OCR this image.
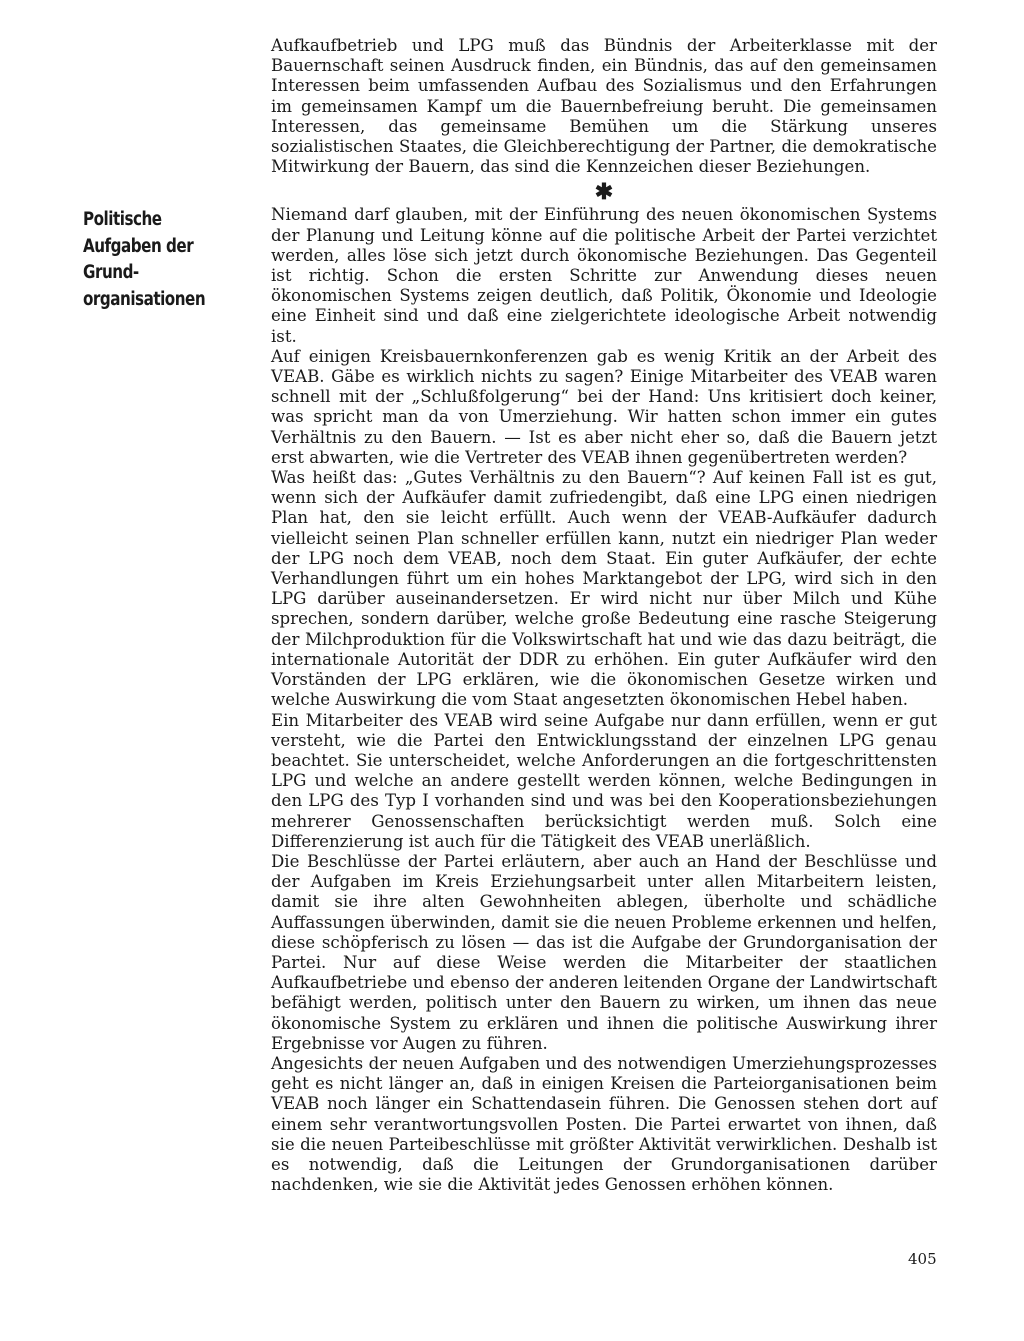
Politische
Aufgaben der
Grund-
organisationen

Aufkaufbetrieb und LPG muß das Bündnis der Arbeiterklasse mit der Bauernschaft seinen Ausdruck finden, ein Bündnis, das auf den gemeinsamen Interessen beim umfassenden Aufbau des Sozialismus und den Erfahrungen im gemeinsamen Kampf um die Bauernbefreiung beruht. Die gemeinsamen Interessen, das gemeinsame Bemühen um die Stärkung unseres sozialistischen Staates, die Gleichberechtigung der Partner, die demokratische Mitwirkung der Bauern, das sind die Kennzeichen dieser Beziehungen.

✱

Niemand darf glauben, mit der Einführung des neuen ökonomischen Systems der Planung und Leitung könne auf die politische Arbeit der Partei verzichtet werden, alles löse sich jetzt durch ökonomische Beziehungen. Das Gegenteil ist richtig. Schon die ersten Schritte zur Anwendung dieses neuen ökonomischen Systems zeigen deutlich, daß Politik, Ökonomie und Ideologie eine Einheit sind und daß eine zielgerichtete ideologische Arbeit notwendig ist.

Auf einigen Kreisbauernkonferenzen gab es wenig Kritik an der Arbeit des VEAB. Gäbe es wirklich nichts zu sagen? Einige Mitarbeiter des VEAB waren schnell mit der „Schlußfolgerung“ bei der Hand: Uns kritisiert doch keiner, was spricht man da von Umerziehung. Wir hatten schon immer ein gutes Verhältnis zu den Bauern. — Ist es aber nicht eher so, daß die Bauern jetzt erst abwarten, wie die Vertreter des VEAB ihnen gegenübertreten werden?

Was heißt das: „Gutes Verhältnis zu den Bauern“? Auf keinen Fall ist es gut, wenn sich der Aufkäufer damit zufriedengibt, daß eine LPG einen niedrigen Plan hat, den sie leicht erfüllt. Auch wenn der VEAB-Aufkäufer dadurch vielleicht seinen Plan schneller erfüllen kann, nutzt ein niedriger Plan weder der LPG noch dem VEAB, noch dem Staat. Ein guter Aufkäufer, der echte Verhandlungen führt um ein hohes Marktangebot der LPG, wird sich in den LPG darüber auseinandersetzen. Er wird nicht nur über Milch und Kühe sprechen, sondern darüber, welche große Bedeutung eine rasche Steigerung der Milchproduktion für die Volkswirtschaft hat und wie das dazu beiträgt, die internationale Autorität der DDR zu erhöhen. Ein guter Aufkäufer wird den Vorständen der LPG erklären, wie die ökonomischen Gesetze wirken und welche Auswirkung die vom Staat angesetzten ökonomischen Hebel haben.

Ein Mitarbeiter des VEAB wird seine Aufgabe nur dann erfüllen, wenn er gut versteht, wie die Partei den Entwicklungsstand der einzelnen LPG genau beachtet. Sie unterscheidet, welche Anforderungen an die fortgeschrittensten LPG und welche an andere gestellt werden können, welche Bedingungen in den LPG des Typ I vorhanden sind und was bei den Kooperationsbeziehungen mehrerer Genossenschaften berücksichtigt werden muß. Solch eine Differenzierung ist auch für die Tätigkeit des VEAB unerläßlich.

Die Beschlüsse der Partei erläutern, aber auch an Hand der Beschlüsse und der Aufgaben im Kreis Erziehungsarbeit unter allen Mitarbeitern leisten, damit sie ihre alten Gewohnheiten ablegen, überholte und schädliche Auffassungen überwinden, damit sie die neuen Probleme erkennen und helfen, diese schöpferisch zu lösen — das ist die Aufgabe der Grundorganisation der Partei. Nur auf diese Weise werden die Mitarbeiter der staatlichen Aufkaufbetriebe und ebenso der anderen leitenden Organe der Landwirtschaft befähigt werden, politisch unter den Bauern zu wirken, um ihnen das neue ökonomische System zu erklären und ihnen die politische Auswirkung ihrer Ergebnisse vor Augen zu führen.

Angesichts der neuen Aufgaben und des notwendigen Umerziehungsprozesses geht es nicht länger an, daß in einigen Kreisen die Parteiorganisationen beim VEAB noch länger ein Schattendasein führen. Die Genossen stehen dort auf einem sehr verantwortungsvollen Posten. Die Partei erwartet von ihnen, daß sie die neuen Parteibeschlüsse mit größter Aktivität verwirklichen. Deshalb ist es notwendig, daß die Leitungen der Grundorganisationen darüber nachdenken, wie sie die Aktivität jedes Genossen erhöhen können.

405
